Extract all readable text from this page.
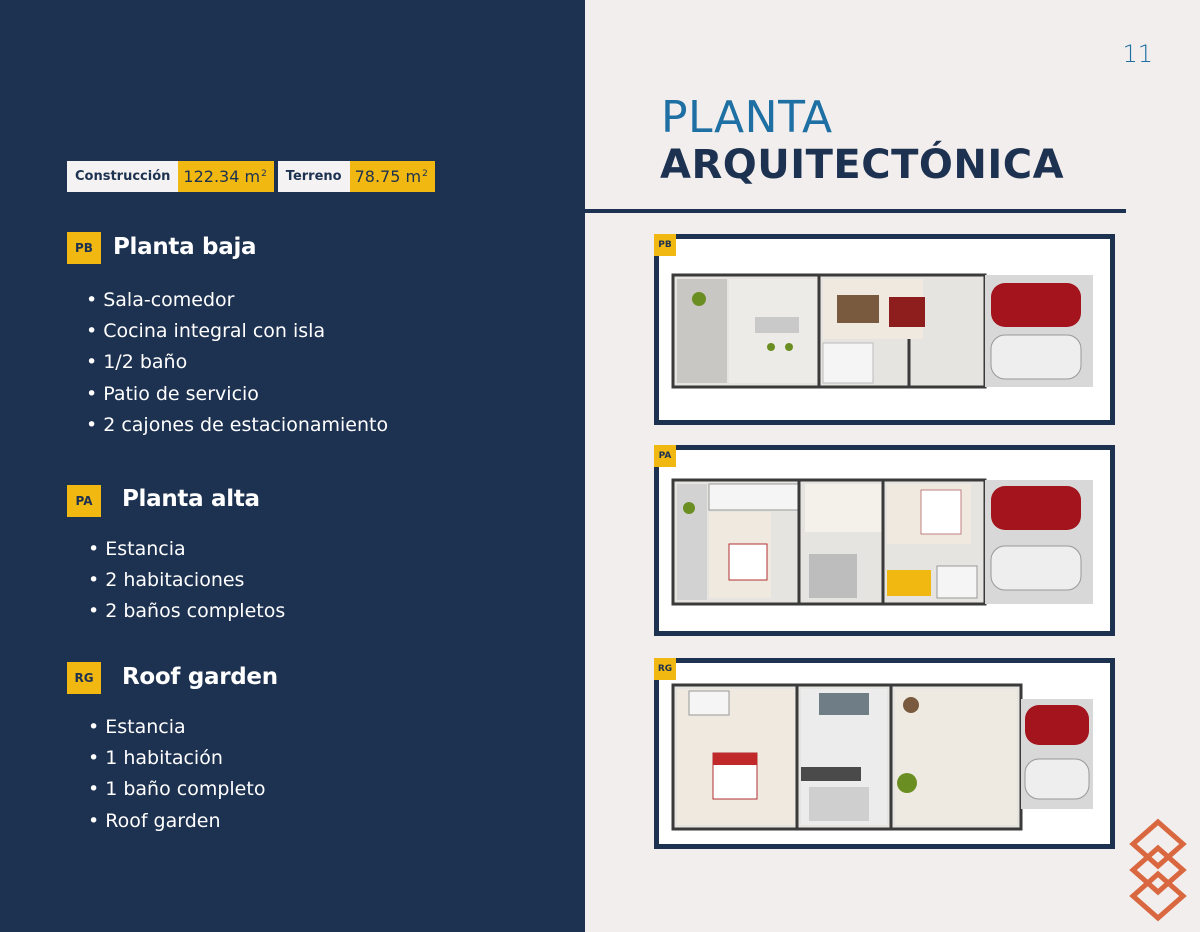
Construcción 122.34 $m^2$	Terreno 78.75 $m^2$
PB Planta baja
• Sala-comedor
• Cocina integral con isla
• 1/2 baño
• Patio de servicio
• 2 cajones de estacionamiento
PA	Planta alta
• Estancia
• 2 habitaciones
• 2 baños completos
RG	Roof garden
• Estancia
• 1 habitación
• 1 baño completo
• Roof garden
11
PLANTA
ARQUITECTÓNICA
PB
PA
RG
